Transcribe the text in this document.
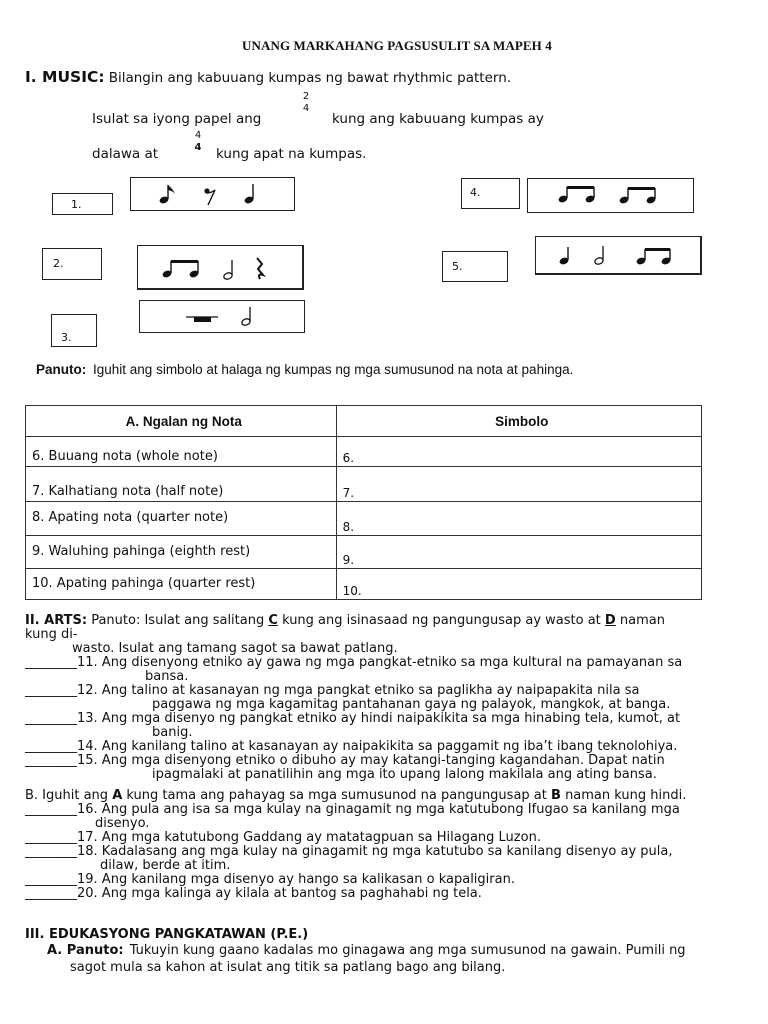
UNANG MARKAHANG PAGSUSULIT SA MAPEH 4
I. MUSIC: Bilangin ang kabuuang kumpas ng bawat rhythmic pattern.
Isulat sa iyong papel ang
2
4
kung ang kabuuang kumpas ay
dalawa at
4
4 kung apat na kumpas.
1.
2.
3.
4.
5.
Panuto: Iguhit ang simbolo at halaga ng kumpas ng mga sumusunod na nota at pahinga.
A. Ngalan ng Nota	Simbolo
6. Buuang nota (whole note)	6.
7. Kalhatiang nota (half note)	7.
8. Apating nota (quarter note)	8.
9. Waluhing pahinga (eighth rest)	9.
10. Apating pahinga (quarter rest)	10.
II. ARTS: Panuto: Isulat ang salitang C kung ang isinasaad ng pangungusap ay wasto at D naman
kung di-
wasto. Isulat ang tamang sagot sa bawat patlang.
________11. Ang disenyong etniko ay gawa ng mga pangkat-etniko sa mga kultural na pamayanan sa
bansa.
________12. Ang talino at kasanayan ng mga pangkat etniko sa paglikha ay naipapakita nila sa
paggawa ng mga kagamitag pantahanan gaya ng palayok, mangkok, at banga.
________13. Ang mga disenyo ng pangkat etniko ay hindi naipakikita sa mga hinabing tela, kumot, at
banig.
________14. Ang kanilang talino at kasanayan ay naipakikita sa paggamit ng iba’t ibang teknolohiya.
________15. Ang mga disenyong etniko o dibuho ay may katangi-tanging kagandahan. Dapat natin
ipagmalaki at panatilihin ang mga ito upang lalong makilala ang ating bansa.
B. Iguhit ang A kung tama ang pahayag sa mga sumusunod na pangungusap at B naman kung hindi.
________16. Ang pula ang isa sa mga kulay na ginagamit ng mga katutubong Ifugao sa kanilang mga
disenyo.
________17. Ang mga katutubong Gaddang ay matatagpuan sa Hilagang Luzon.
________18. Kadalasang ang mga kulay na ginagamit ng mga katutubo sa kanilang disenyo ay pula,
dilaw, berde at itim.
________19. Ang kanilang mga disenyo ay hango sa kalikasan o kapaligiran.
________20. Ang mga kalinga ay kilala at bantog sa paghahabi ng tela.
III. EDUKASYONG PANGKATAWAN (P.E.)
A. Panuto: Tukuyin kung gaano kadalas mo ginagawa ang mga sumusunod na gawain. Pumili ng
sagot mula sa kahon at isulat ang titik sa patlang bago ang bilang.
